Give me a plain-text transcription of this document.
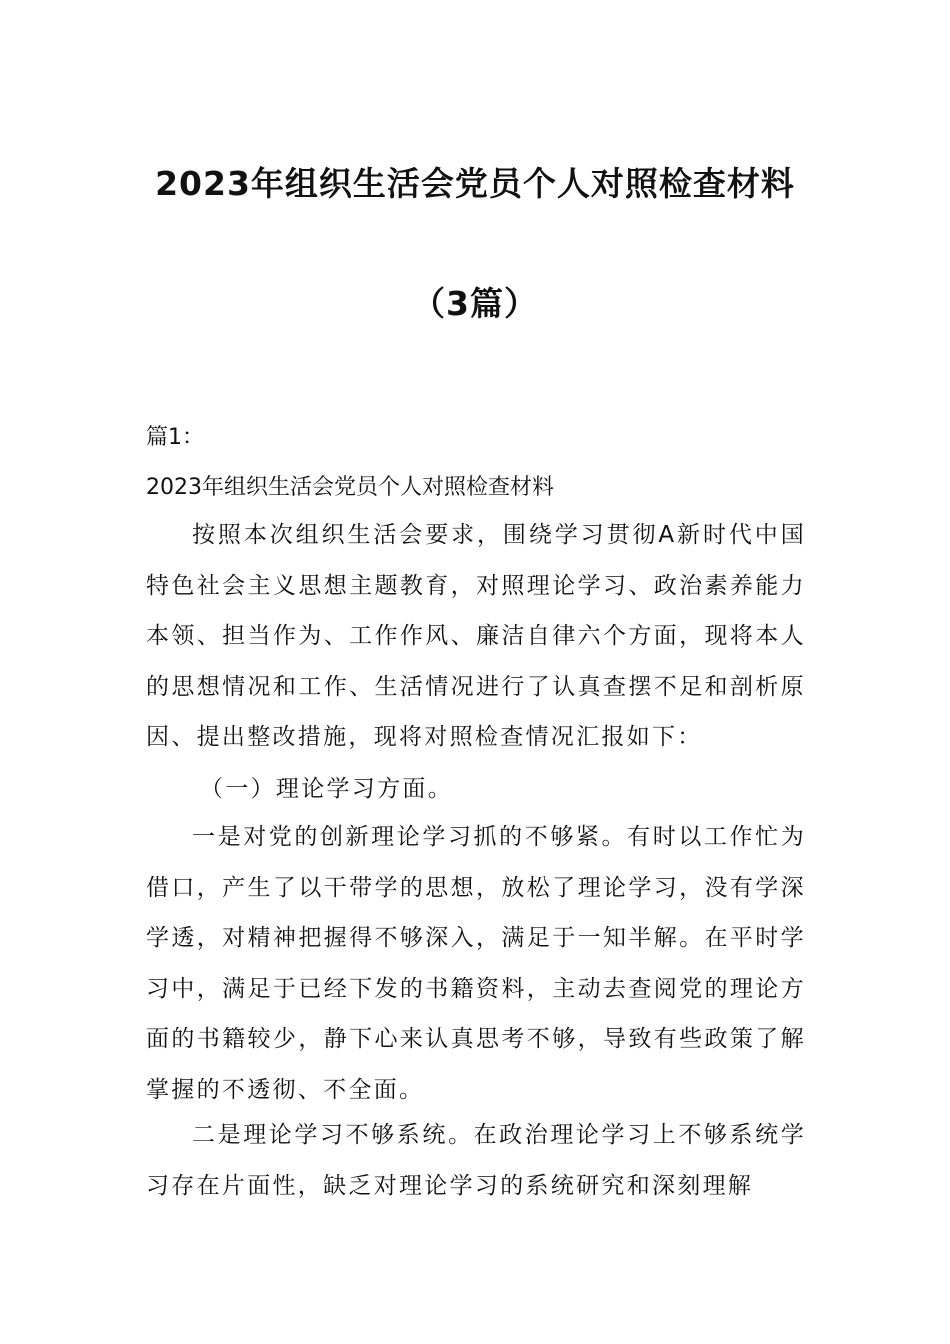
2023年组织生活会党员个人对照检查材料
（3篇）
篇1：
2023年组织生活会党员个人对照检查材料

按照本次组织生活会要求，围绕学习贯彻A新时代中国特色社会主义思想主题教育，对照理论学习、政治素养能力本领、担当作为、工作作风、廉洁自律六个方面，现将本人的思想情况和工作、生活情况进行了认真查摆不足和剖析原因、提出整改措施，现将对照检查情况汇报如下：

（一）理论学习方面。

一是对党的创新理论学习抓的不够紧。有时以工作忙为借口，产生了以干带学的思想，放松了理论学习，没有学深学透，对精神把握得不够深入，满足于一知半解。在平时学习中，满足于已经下发的书籍资料，主动去查阅党的理论方面的书籍较少，静下心来认真思考不够，导致有些政策了解掌握的不透彻、不全面。

二是理论学习不够系统。在政治理论学习上不够系统学习存在片面性，缺乏对理论学习的系统研究和深刻理解
